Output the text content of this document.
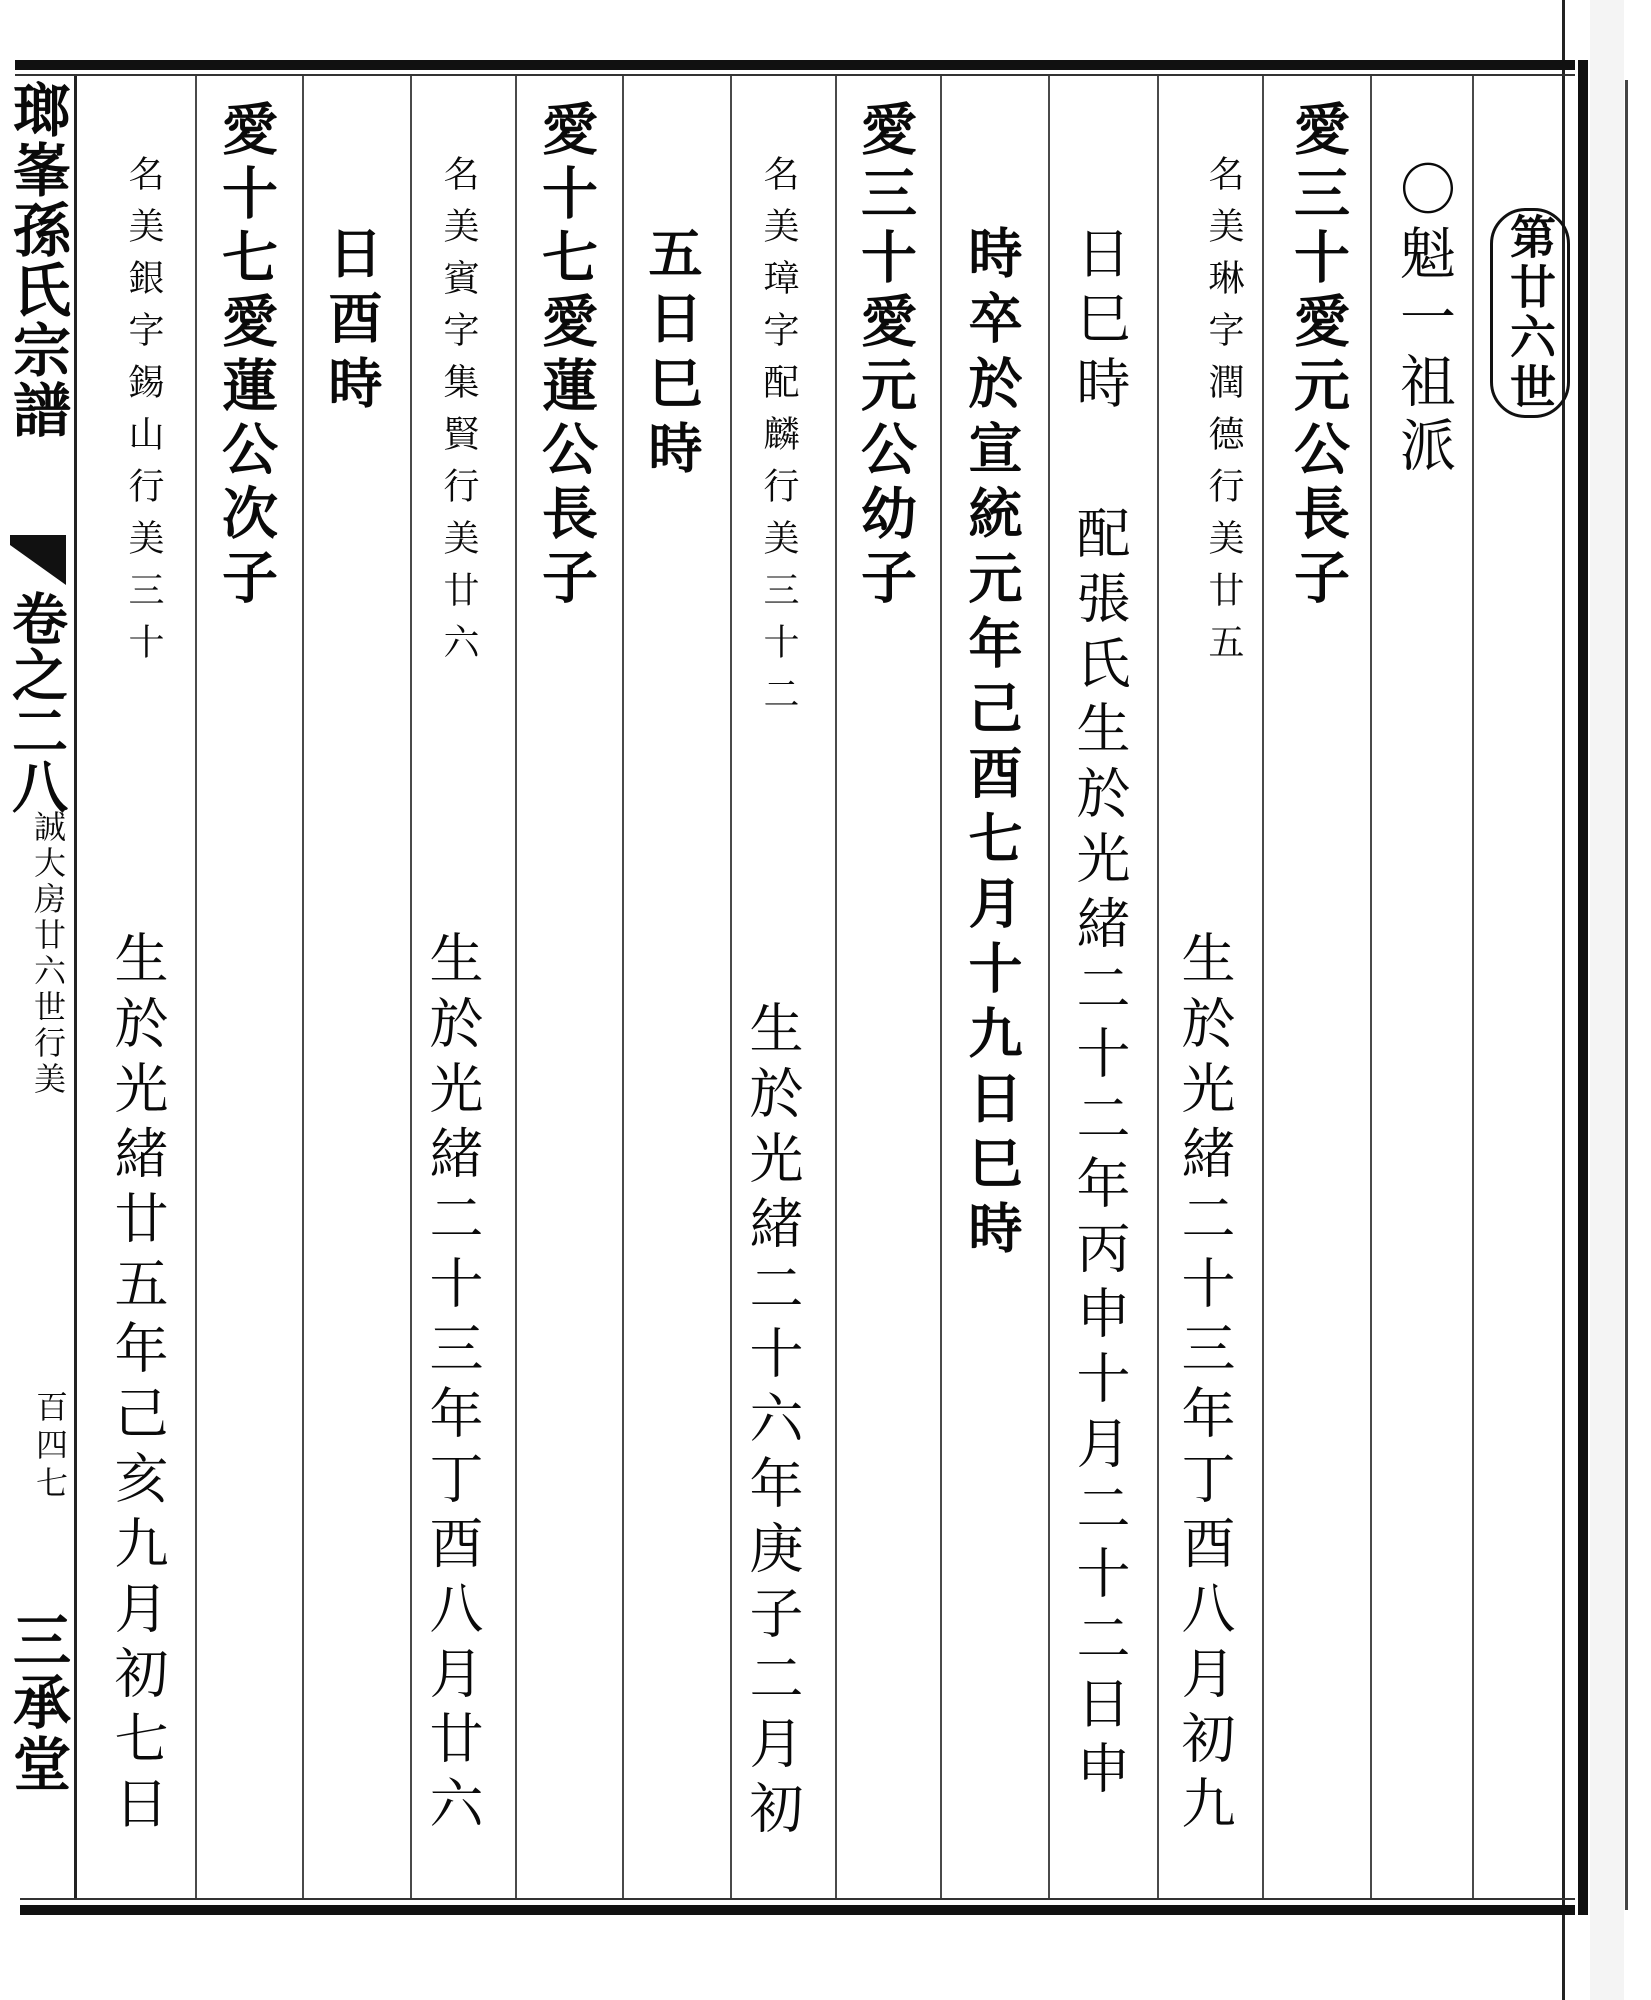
瑯峯孫氏宗譜
卷之二八
誠大房廿六世行美
百四七
三承堂
第廿六世
〇魁一祖派
愛三十愛元公長子
名美琳字潤德行美廿五
生於光緒二十三年丁酉八月初九
日巳時
配張氏生於光緒二十二年丙申十月二十二日申
時卒於宣統元年己酉七月十九日巳時
愛三十愛元公幼子
名美璋字配麟行美三十二
生於光緒二十六年庚子二月初
五日巳時
愛十七愛蓮公長子
名美賓字集賢行美廿六
生於光緒二十三年丁酉八月廿六
日酉時
愛十七愛蓮公次子
名美銀字錫山行美三十
生於光緒廿五年己亥九月初七日
